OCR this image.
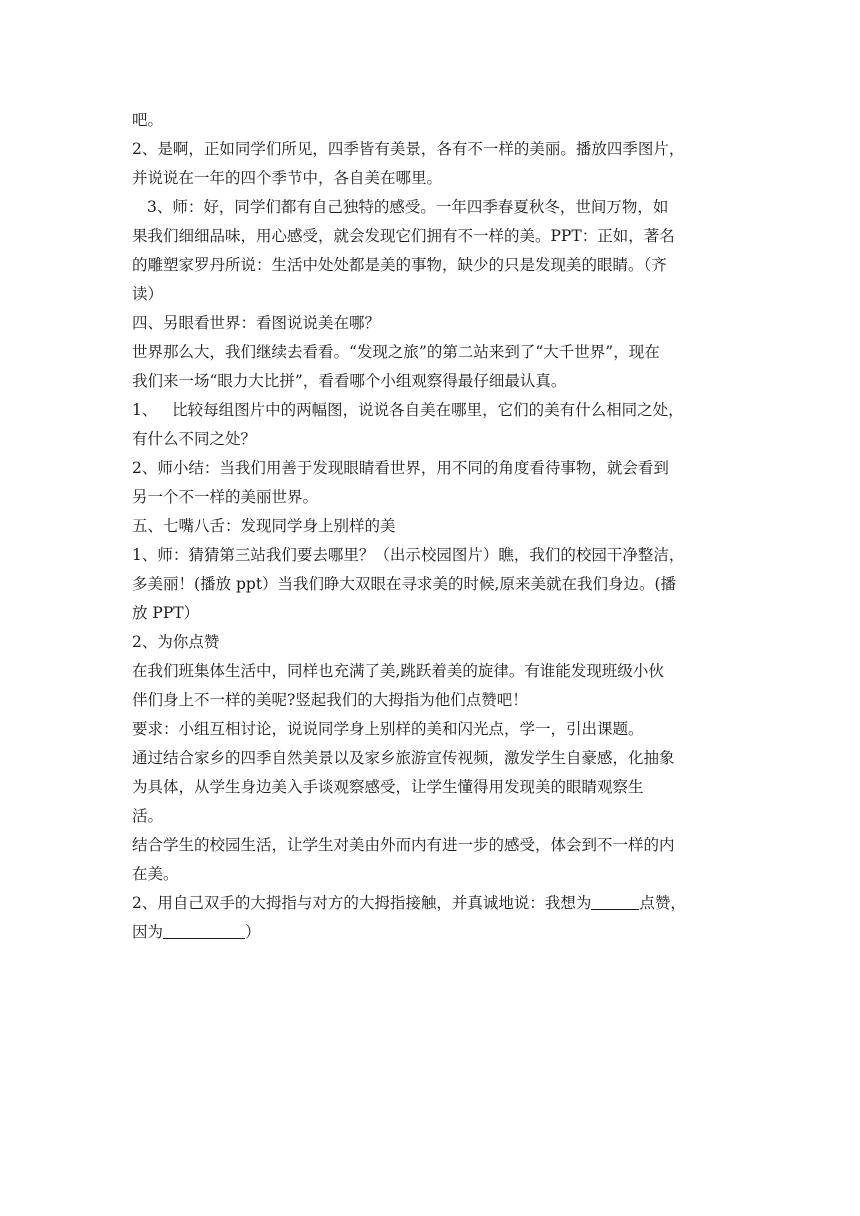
吧。

2、是啊，正如同学们所见，四季皆有美景，各有不一样的美丽。播放四季图片，
并说说在一年的四个季节中，各自美在哪里。

3、师：好，同学们都有自己独特的感受。一年四季春夏秋冬，世间万物，如
果我们细细品味，用心感受，就会发现它们拥有不一样的美。PPT：正如，著名
的雕塑家罗丹所说：生活中处处都是美的事物，缺少的只是发现美的眼睛。（齐
读）

四、另眼看世界：看图说说美在哪？

世界那么大，我们继续去看看。“发现之旅”的第二站来到了“大千世界”，现在
我们来一场“眼力大比拼”，看看哪个小组观察得最仔细最认真。

1、   比较每组图片中的两幅图，说说各自美在哪里，它们的美有什么相同之处，
有什么不同之处？

2、师小结：当我们用善于发现眼睛看世界，用不同的角度看待事物，就会看到
另一个不一样的美丽世界。

五、七嘴八舌：发现同学身上别样的美

1、师：猜猜第三站我们要去哪里？（出示校园图片）瞧，我们的校园干净整洁，
多美丽！(播放 ppt）当我们睁大双眼在寻求美的时候,原来美就在我们身边。(播
放 PPT）

2、为你点赞

在我们班集体生活中，同样也充满了美,跳跃着美的旋律。有谁能发现班级小伙
伴们身上不一样的美呢?竖起我们的大拇指为他们点赞吧！

要求：小组互相讨论，说说同学身上别样的美和闪光点，学一，引出课题。

通过结合家乡的四季自然美景以及家乡旅游宣传视频，激发学生自豪感，化抽象
为具体，从学生身边美入手谈观察感受，让学生懂得用发现美的眼睛观察生
活。

结合学生的校园生活，让学生对美由外而内有进一步的感受，体会到不一样的内
在美。

2、用自己双手的大拇指与对方的大拇指接触，并真诚地说：我想为	点赞，
因为	）
